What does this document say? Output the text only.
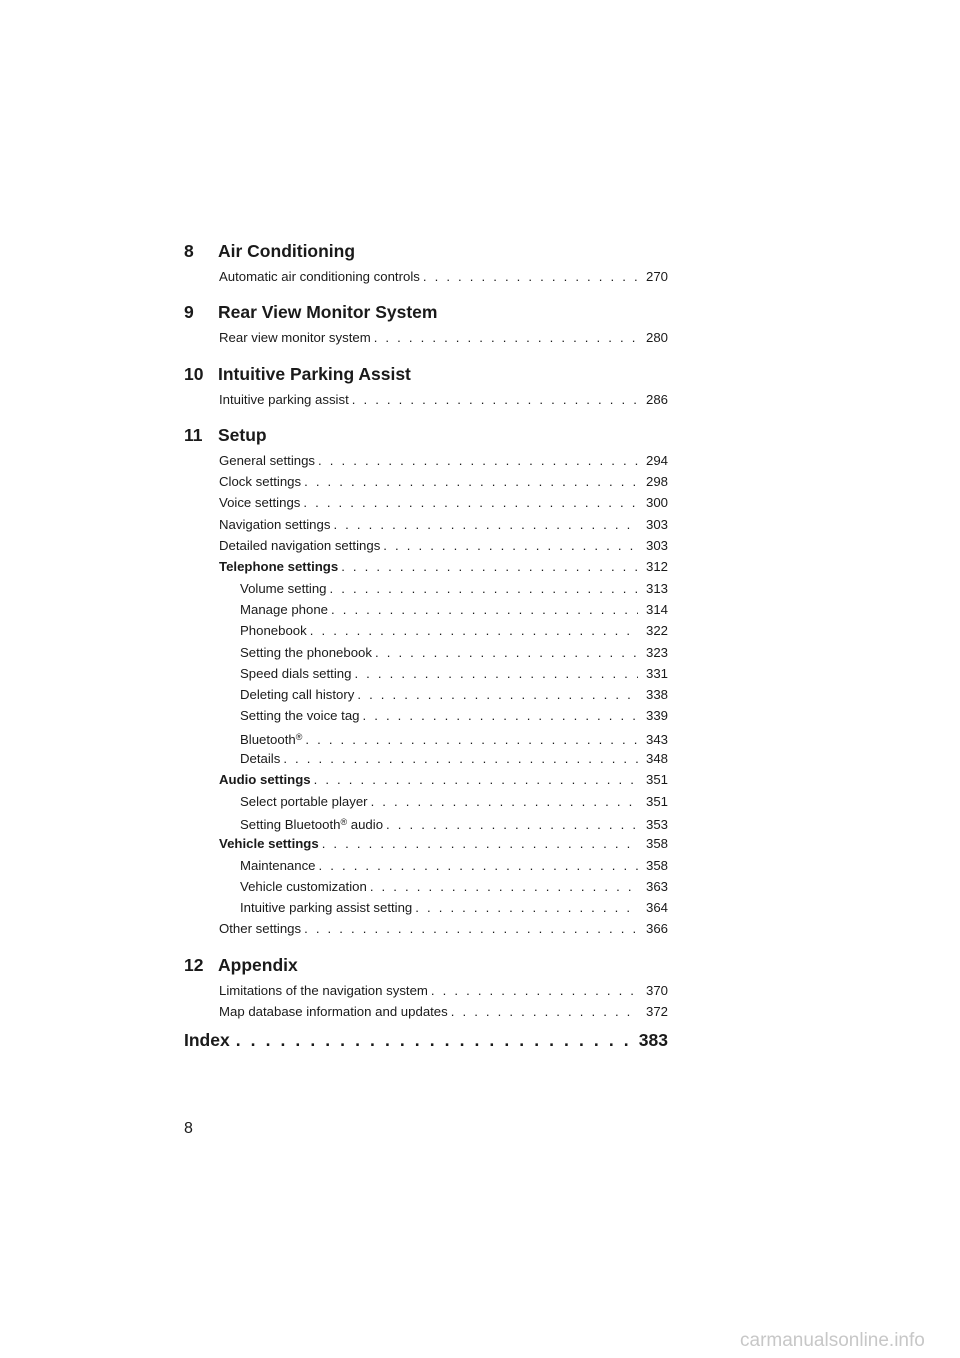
8	Air Conditioning
Automatic air conditioning controls . . .	270
9	Rear View Monitor System
Rear view monitor system . . .	280
10 Intuitive Parking Assist
Intuitive parking assist . . .	286
11 Setup
General settings . . .	294
Clock settings . . .	298
Voice settings . . .	300
Navigation settings . . .	303
Detailed navigation settings . . .	303
Telephone settings . . .	312
Volume setting . . .	313
Manage phone . . .	314
Phonebook . . .	322
Setting the phonebook . . .	323
Speed dials setting . . .	331
Deleting call history . . .	338
Setting the voice tag . . .	339
Bluetooth® . . .	343
Details . . .	348
Audio settings . . .	351
Select portable player . . .	351
Setting Bluetooth® audio . . .	353
Vehicle settings . . .	358
Maintenance . . .	358
Vehicle customization . . .	363
Intuitive parking assist setting . . .	364
Other settings . . .	366
12 Appendix
Limitations of the navigation system . . .	370
Map database information and updates . . .	372
Index . . .	383
8
carmanualsonline.info
